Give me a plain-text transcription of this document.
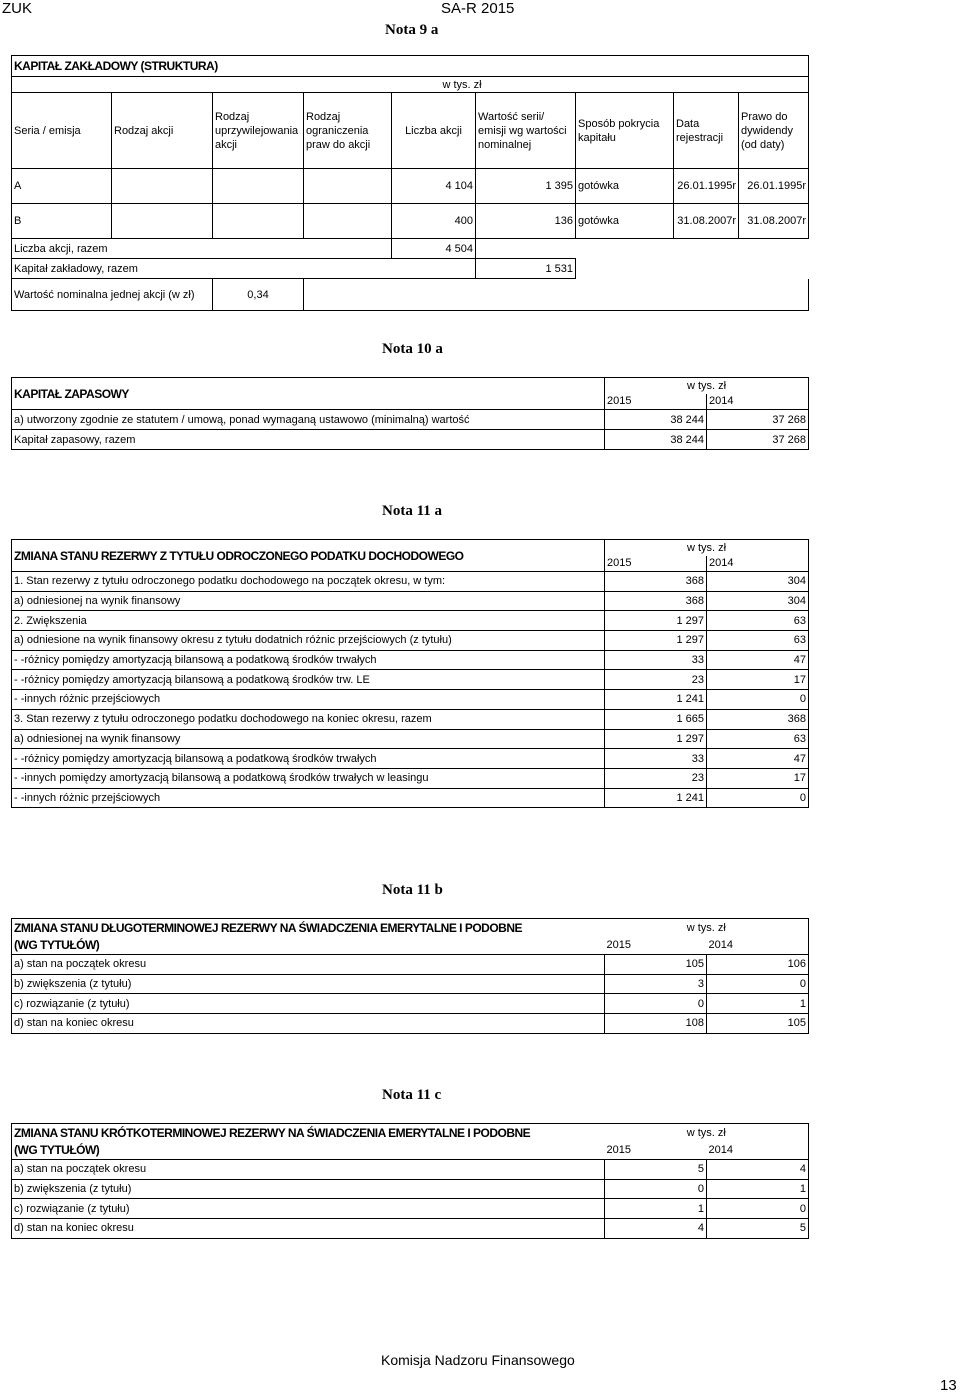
ZUK	SA-R 2015
Nota 9 a
KAPITAŁ ZAKŁADOWY (STRUKTURA)								
					w tys. zł			
Seria / emisja	Rodzaj akcji	Rodzaj uprzywilejowania akcji	Rodzaj ograniczenia praw do akcji	Liczba akcji	Wartość serii/ emisji wg wartości nominalnej	Sposób pokrycia kapitału	Data rejestracji	Prawo do dywidendy (od daty)
A				4 104	1 395	gotówka	26.01.1995r	26.01.1995r
B				400	136	gotówka	31.08.2007r	31.08.2007r
Liczba akcji, razem				4 504				
Kapitał zakładowy, razem					1 531			
Wartość nominalna jednej akcji (w zł)		0,34						
Nota 10 a
KAPITAŁ ZAPASOWY	w tys. zł	
	2015	2014
a) utworzony zgodnie ze statutem / umową, ponad wymaganą ustawowo (minimalną) wartość	38 244	37 268
Kapitał zapasowy, razem	38 244	37 268
Nota 11 a
ZMIANA STANU REZERWY Z TYTUŁU ODROCZONEGO PODATKU DOCHODOWEGO	w tys. zł	
	2015	2014
1. Stan rezerwy z tytułu odroczonego podatku dochodowego na początek okresu, w tym:	368	304
a) odniesionej na wynik finansowy	368	304
2. Zwiększenia	1 297	63
a) odniesione na wynik finansowy okresu z tytułu dodatnich różnic przejściowych (z tytułu)	1 297	63
- -różnicy pomiędzy amortyzacją bilansową a podatkową środków trwałych	33	47
- -różnicy pomiędzy amortyzacją bilansową a podatkową środków trw. LE	23	17
- -innych różnic przejściowych	1 241	0
3. Stan rezerwy z tytułu odroczonego podatku dochodowego na koniec okresu, razem	1 665	368
a) odniesionej na wynik finansowy	1 297	63
- -różnicy pomiędzy amortyzacją bilansową a podatkową środków trwałych	33	47
- -innych pomiędzy amortyzacją bilansową a podatkową środków trwałych w leasingu	23	17
- -innych różnic przejściowych	1 241	0
Nota 11 b
ZMIANA STANU DŁUGOTERMINOWEJ REZERWY NA ŚWIADCZENIA EMERYTALNE I PODOBNE	w tys. zł	
(WG TYTUŁÓW)	2015	2014
a) stan na początek okresu	105	106
b) zwiększenia (z tytułu)	3	0
c) rozwiązanie (z tytułu)	0	1
d) stan na koniec okresu	108	105
Nota 11 c
ZMIANA STANU KRÓTKOTERMINOWEJ REZERWY NA ŚWIADCZENIA EMERYTALNE I PODOBNE	w tys. zł	
(WG TYTUŁÓW)	2015	2014
a) stan na początek okresu	5	4
b) zwiększenia (z tytułu)	0	1
c) rozwiązanie (z tytułu)	1	0
d) stan na koniec okresu	4	5
Komisja Nadzoru Finansowego
13
